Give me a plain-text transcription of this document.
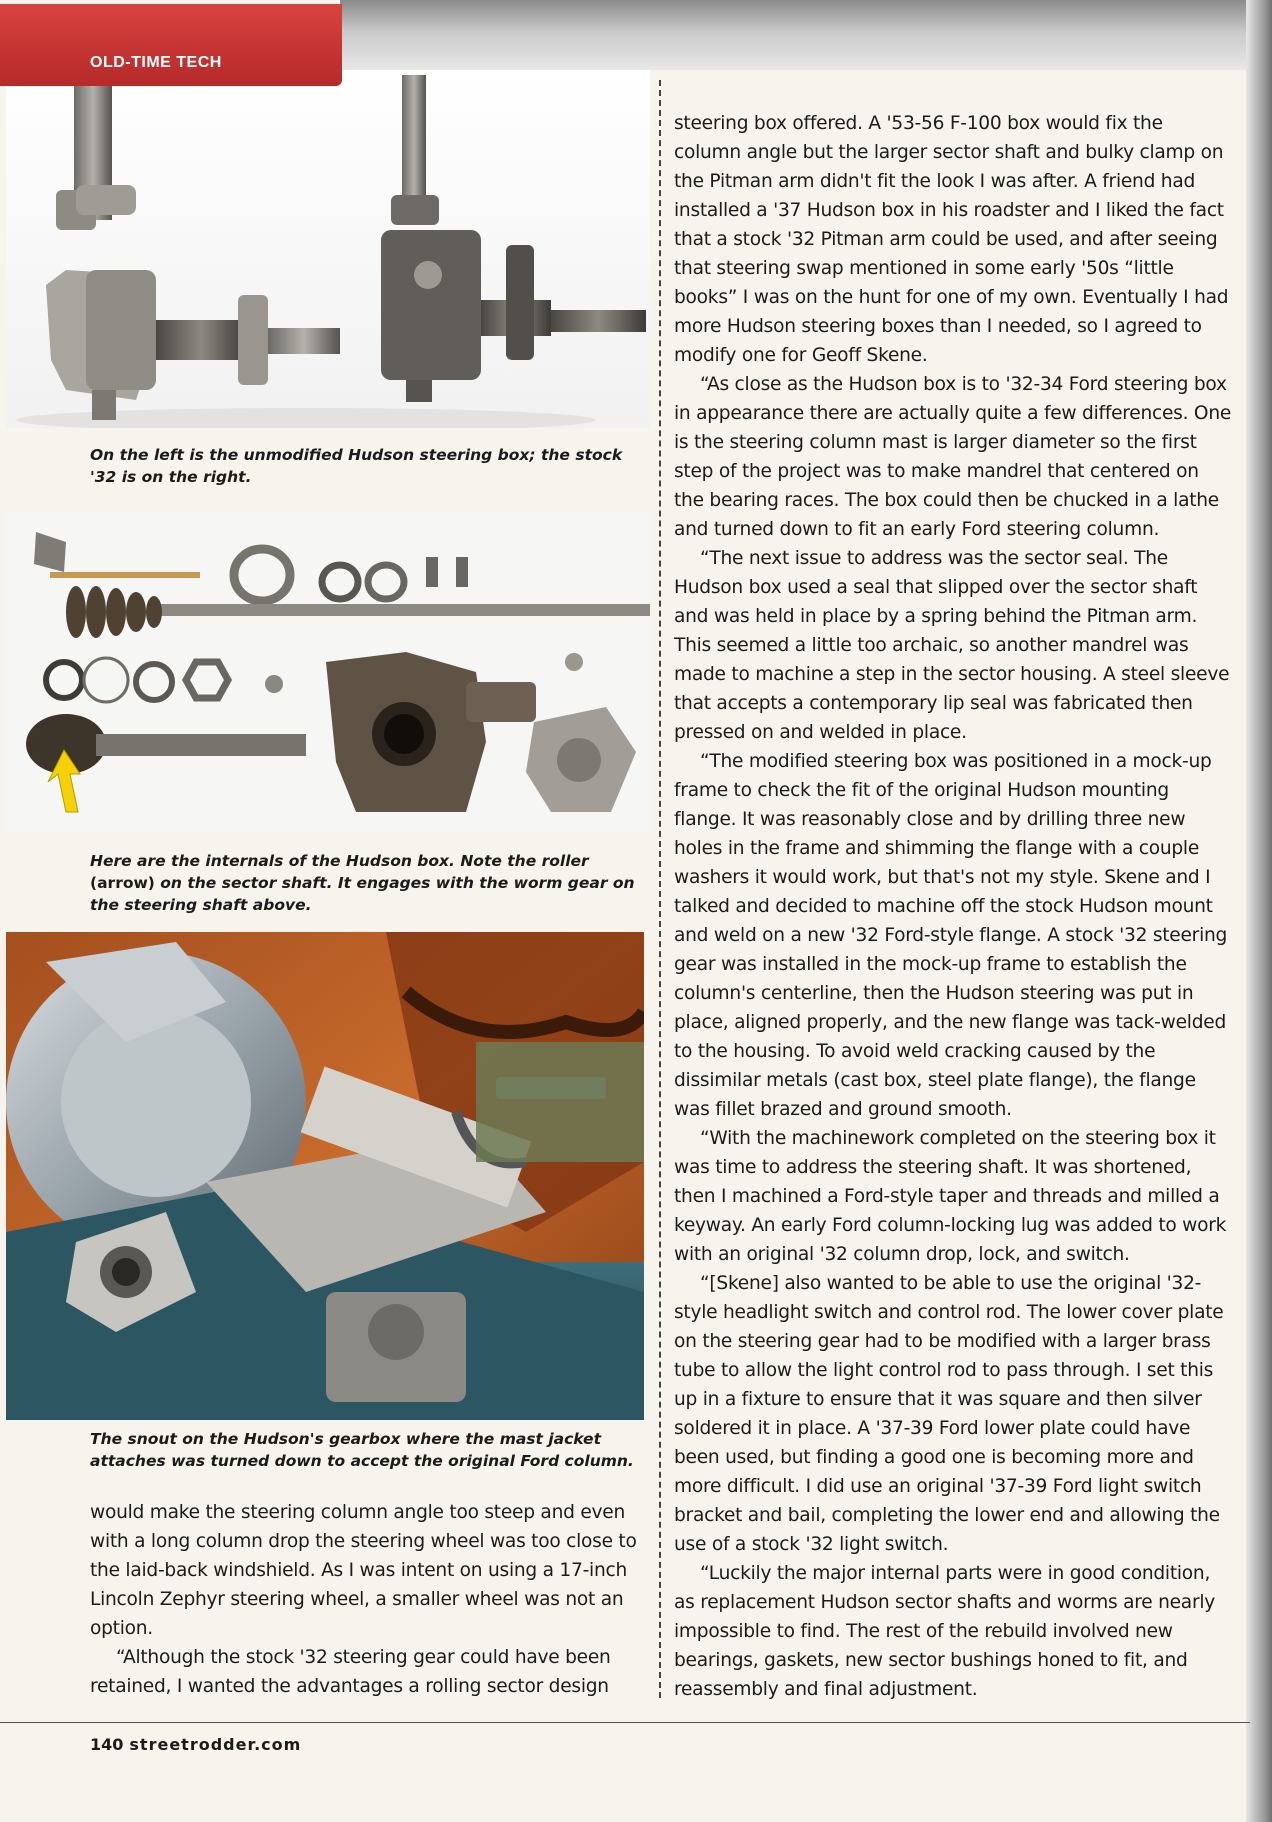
OLD-TIME TECH
On the left is the unmodified Hudson steering box; the stock '32 is on the right.
Here are the internals of the Hudson box. Note the roller (arrow) on the sector shaft. It engages with the worm gear on the steering shaft above.
The snout on the Hudson's gearbox where the mast jacket attaches was turned down to accept the original Ford column.

would make the steering column angle too steep and even with a long column drop the steering wheel was too close to the laid-back windshield. As I was intent on using a 17-inch Lincoln Zephyr steering wheel, a smaller wheel was not an option.

“Although the stock '32 steering gear could have been retained, I wanted the advantages a rolling sector design

steering box offered. A '53-56 F-100 box would fix the column angle but the larger sector shaft and bulky clamp on the Pitman arm didn't fit the look I was after. A friend had installed a '37 Hudson box in his roadster and I liked the fact that a stock '32 Pitman arm could be used, and after seeing that steering swap mentioned in some early '50s “little books” I was on the hunt for one of my own. Eventually I had more Hudson steering boxes than I needed, so I agreed to modify one for Geoff Skene.

“As close as the Hudson box is to '32-34 Ford steering box in appearance there are actually quite a few differences. One is the steering column mast is larger diameter so the first step of the project was to make mandrel that centered on the bearing races. The box could then be chucked in a lathe and turned down to fit an early Ford steering column.

“The next issue to address was the sector seal. The Hudson box used a seal that slipped over the sector shaft and was held in place by a spring behind the Pitman arm. This seemed a little too archaic, so another mandrel was made to machine a step in the sector housing. A steel sleeve that accepts a contemporary lip seal was fabricated then pressed on and welded in place.

“The modified steering box was positioned in a mock-up frame to check the fit of the original Hudson mounting flange. It was reasonably close and by drilling three new holes in the frame and shimming the flange with a couple washers it would work, but that's not my style. Skene and I talked and decided to machine off the stock Hudson mount and weld on a new '32 Ford-style flange. A stock '32 steering gear was installed in the mock-up frame to establish the column's centerline, then the Hudson steering was put in place, aligned properly, and the new flange was tack-welded to the housing. To avoid weld cracking caused by the dissimilar metals (cast box, steel plate flange), the flange was fillet brazed and ground smooth.

“With the machinework completed on the steering box it was time to address the steering shaft. It was shortened, then I machined a Ford-style taper and threads and milled a keyway. An early Ford column-locking lug was added to work with an original '32 column drop, lock, and switch.

“[Skene] also wanted to be able to use the original '32-style headlight switch and control rod. The lower cover plate on the steering gear had to be modified with a larger brass tube to allow the light control rod to pass through. I set this up in a fixture to ensure that it was square and then silver soldered it in place. A '37-39 Ford lower plate could have been used, but finding a good one is becoming more and more difficult. I did use an original '37-39 Ford light switch bracket and bail, completing the lower end and allowing the use of a stock '32 light switch.

“Luckily the major internal parts were in good condition, as replacement Hudson sector shafts and worms are nearly impossible to find. The rest of the rebuild involved new bearings, gaskets, new sector bushings honed to fit, and reassembly and final adjustment.

140 streetrodder.com
